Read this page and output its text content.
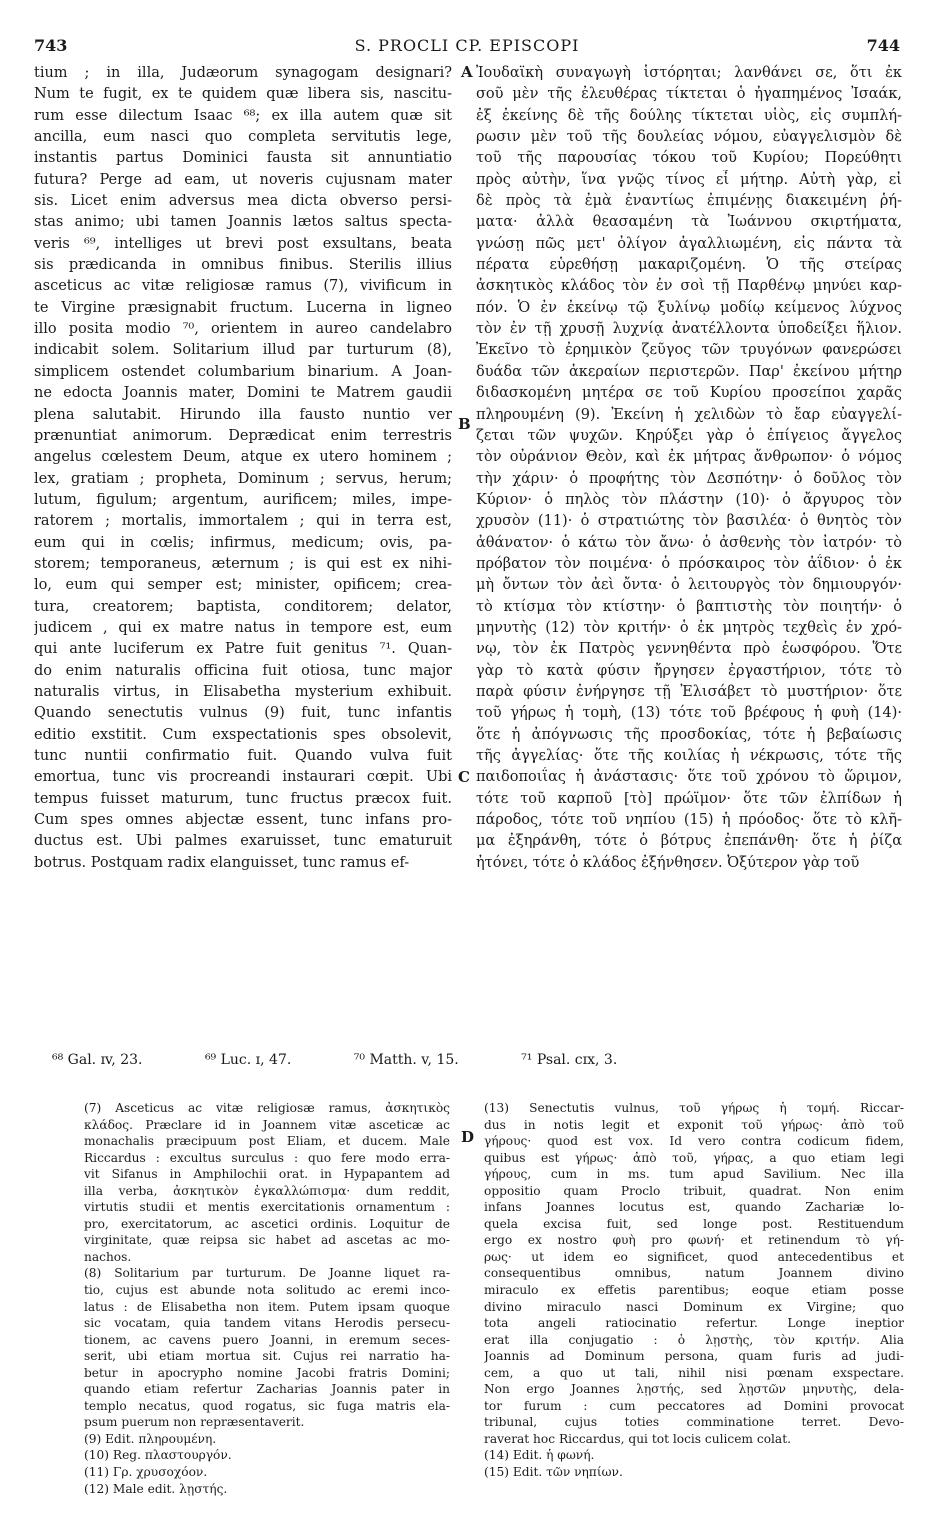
743	S. PROCLI CP. EPISCOPI	744
tium ; in illa, Judæorum synagogam designari?
Num te fugit, ex te quidem quæ libera sis, nascitu-
rum esse dilectum Isaac ⁶⁸; ex illa autem quæ sit
ancilla, eum nasci quo completa servitutis lege,
instantis partus Dominici fausta sit annuntiatio
futura? Perge ad eam, ut noveris cujusnam mater
sis. Licet enim adversus mea dicta obverso persi-
stas animo; ubi tamen Joannis lætos saltus specta-
veris ⁶⁹, intelliges ut brevi post exsultans, beata
sis prædicanda in omnibus finibus. Sterilis illius
asceticus ac vitæ religiosæ ramus (7), vivificum in
te Virgine præsignabit fructum. Lucerna in ligneo
illo posita modio ⁷⁰, orientem in aureo candelabro
indicabit solem. Solitarium illud par turturum (8),
simplicem ostendet columbarium binarium. A Joan-
ne edocta Joannis mater, Domini te Matrem gaudii
plena salutabit. Hirundo illa fausto nuntio ver
prænuntiat animorum. Deprædicat enim terrestris
angelus cœlestem Deum, atque ex utero hominem ;
lex, gratiam ; propheta, Dominum ; servus, herum;
lutum, figulum; argentum, aurificem; miles, impe-
ratorem ; mortalis, immortalem ; qui in terra est,
eum qui in cœlis; infirmus, medicum; ovis, pa-
storem; temporaneus, æternum ; is qui est ex nihi-
lo, eum qui semper est; minister, opificem; crea-
tura, creatorem; baptista, conditorem; delator,
judicem , qui ex matre natus in tempore est, eum
qui ante luciferum ex Patre fuit genitus ⁷¹. Quan-
do enim naturalis officina fuit otiosa, tunc major
naturalis virtus, in Elisabetha mysterium exhibuit.
Quando senectutis vulnus (9) fuit, tunc infantis
editio exstitit. Cum exspectationis spes obsolevit,
tunc nuntii confirmatio fuit. Quando vulva fuit
emortua, tunc vis procreandi instaurari cœpit. Ubi
tempus fuisset maturum, tunc fructus præcox fuit.
Cum spes omnes abjectæ essent, tunc infans pro-
ductus est. Ubi palmes exaruisset, tunc ematuruit
botrus. Postquam radix elanguisset, tunc ramus ef-
Ἰουδαϊκὴ συναγωγὴ ἱστόρηται; λανθάνει σε, ὅτι ἐκ
σοῦ μὲν τῆς ἐλευθέρας τίκτεται ὁ ἠγαπημένος Ἰσαάκ,
ἐξ ἐκείνης δὲ τῆς δούλης τίκτεται υἱὸς, εἰς συμπλή-
ρωσιν μὲν τοῦ τῆς δουλείας νόμου, εὐαγγελισμὸν δὲ
τοῦ τῆς παρουσίας τόκου τοῦ Κυρίου; Πορεύθητι
πρὸς αὐτὴν, ἵνα γνῷς τίνος εἶ μήτηρ. Αὐτὴ γὰρ, εἰ
δὲ πρὸς τὰ ἐμὰ ἐναντίως ἐπιμένῃς διακειμένη ῥή-
ματα· ἀλλὰ θεασαμένη τὰ Ἰωάννου σκιρτήματα,
γνώσῃ πῶς μετ' ὀλίγον ἀγαλλιωμένη, εἰς πάντα τὰ
πέρατα εὑρεθήσῃ μακαριζομένη. Ὁ τῆς στείρας
ἀσκητικὸς κλάδος τὸν ἐν σοὶ τῇ Παρθένῳ μηνύει καρ-
πόν. Ὁ ἐν ἐκείνῳ τῷ ξυλίνῳ μοδίῳ κείμενος λύχνος
τὸν ἐν τῇ χρυσῇ λυχνίᾳ ἀνατέλλοντα ὑποδείξει ἥλιον.
Ἐκεῖνο τὸ ἐρημικὸν ζεῦγος τῶν τρυγόνων φανερώσει
δυάδα τῶν ἀκεραίων περιστερῶν. Παρ' ἐκείνου μήτηρ
διδασκομένη μητέρα σε τοῦ Κυρίου προσείποι χαρᾶς
πληρουμένη (9). Ἐκείνη ἡ χελιδὼν τὸ ἔαρ εὐαγγελί-
ζεται τῶν ψυχῶν. Κηρύξει γὰρ ὁ ἐπίγειος ἄγγελος
τὸν οὐράνιον Θεὸν, καὶ ἐκ μήτρας ἄνθρωπον· ὁ νόμος
τὴν χάριν· ὁ προφήτης τὸν Δεσπότην· ὁ δοῦλος τὸν
Κύριον· ὁ πηλὸς τὸν πλάστην (10)· ὁ ἄργυρος τὸν
χρυσὸν (11)· ὁ στρατιώτης τὸν βασιλέα· ὁ θνητὸς τὸν
ἀθάνατον· ὁ κάτω τὸν ἄνω· ὁ ἀσθενὴς τὸν ἰατρόν· τὸ
πρόβατον τὸν ποιμένα· ὁ πρόσκαιρος τὸν ἀΐδιον· ὁ ἐκ
μὴ ὄντων τὸν ἀεὶ ὄντα· ὁ λειτουργὸς τὸν δημιουργόν·
τὸ κτίσμα τὸν κτίστην· ὁ βαπτιστὴς τὸν ποιητήν· ὁ
μηνυτὴς (12) τὸν κριτήν· ὁ ἐκ μητρὸς τεχθεὶς ἐν χρό-
νῳ, τὸν ἐκ Πατρὸς γεννηθέντα πρὸ ἑωσφόρου. Ὅτε
γὰρ τὸ κατὰ φύσιν ἤργησεν ἐργαστήριον, τότε τὸ
παρὰ φύσιν ἐνήργησε τῇ Ἐλισάβετ τὸ μυστήριον· ὅτε
τοῦ γήρως ἡ τομὴ, (13) τότε τοῦ βρέφους ἡ φυὴ (14)·
ὅτε ἡ ἀπόγνωσις τῆς προσδοκίας, τότε ἡ βεβαίωσις
τῆς ἀγγελίας· ὅτε τῆς κοιλίας ἡ νέκρωσις, τότε τῆς
παιδοποιΐας ἡ ἀνάστασις· ὅτε τοῦ χρόνου τὸ ὥριμον,
τότε τοῦ καρποῦ [τὸ] πρώϊμον· ὅτε τῶν ἐλπίδων ἡ
πάροδος, τότε τοῦ νηπίου (15) ἡ πρόοδος· ὅτε τὸ κλῆ-
μα ἐξηράνθη, τότε ὁ βότρυς ἐπεπάνθη· ὅτε ἡ ῥίζα
ἠτόνει, τότε ὁ κλάδος ἐξήνθησεν. Ὀξύτερον γὰρ τοῦ
A
B
C
D
⁶⁸ Gal. ɪv, 23.	⁶⁹ Luc. ɪ, 47.	⁷⁰ Matth. v, 15.	⁷¹ Psal. cɪx, 3.
(7) Asceticus ac vitæ religiosæ ramus, ἀσκητικὸς
κλάδος. Præclare id in Joannem vitæ asceticæ ac
monachalis præcipuum post Eliam, et ducem. Male
Riccardus : excultus surculus : quo fere modo erra-
vit Sifanus in Amphilochii orat. in Hypapantem ad
illa verba, ἀσκητικὸν ἐγκαλλώπισμα· dum reddit,
virtutis studii et mentis exercitationis ornamentum :
pro, exercitatorum, ac ascetici ordinis. Loquitur de
virginitate, quæ reipsa sic habet ad ascetas ac mo-
nachos.
(8) Solitarium par turturum. De Joanne liquet ra-
tio, cujus est abunde nota solitudo ac eremi inco-
latus : de Elisabetha non item. Putem ipsam quoque
sic vocatam, quia tandem vitans Herodis persecu-
tionem, ac cavens puero Joanni, in eremum seces-
serit, ubi etiam mortua sit. Cujus rei narratio ha-
betur in apocrypho nomine Jacobi fratris Domini;
quando etiam refertur Zacharias Joannis pater in
templo necatus, quod rogatus, sic fuga matris ela-
psum puerum non repræsentaverit.
(9) Edit. πληρουμένη.
(10) Reg. πλαστουργόν.
(11) Γρ. χρυσοχόον.
(12) Male edit. λῃστής.
(13) Senectutis vulnus, τοῦ γήρως ἡ τομή. Riccar-
dus in notis legit et exponit τοῦ γήρως· ἀπὸ τοῦ
γήρους· quod est vox. Id vero contra codicum fidem,
quibus est γήρως· ἀπὸ τοῦ, γήρας, a quo etiam legi
γήρους, cum in ms. tum apud Savilium. Nec illa
oppositio quam Proclo tribuit, quadrat. Non enim
infans Joannes locutus est, quando Zachariæ lo-
quela excisa fuit, sed longe post. Restituendum
ergo ex nostro φυὴ pro φωνή· et retinendum τὸ γή-
ρως· ut idem eo significet, quod antecedentibus et
consequentibus omnibus, natum Joannem divino
miraculo ex effetis parentibus; eoque etiam posse
divino miraculo nasci Dominum ex Virgine; quo
tota angeli ratiocinatio refertur. Longe ineptior
erat illa conjugatio : ὁ λῃστὴς, τὸν κριτήν. Alia
Joannis ad Dominum persona, quam furis ad judi-
cem, a quo ut tali, nihil nisi pœnam exspectare.
Non ergo Joannes λῃστής, sed λῃστῶν μηνυτὴς, dela-
tor furum : cum peccatores ad Domini provocat
tribunal, cujus toties comminatione terret. Devo-
raverat hoc Riccardus, qui tot locis culicem colat.
(14) Edit. ἡ φωνή.
(15) Edit. τῶν νηπίων.
